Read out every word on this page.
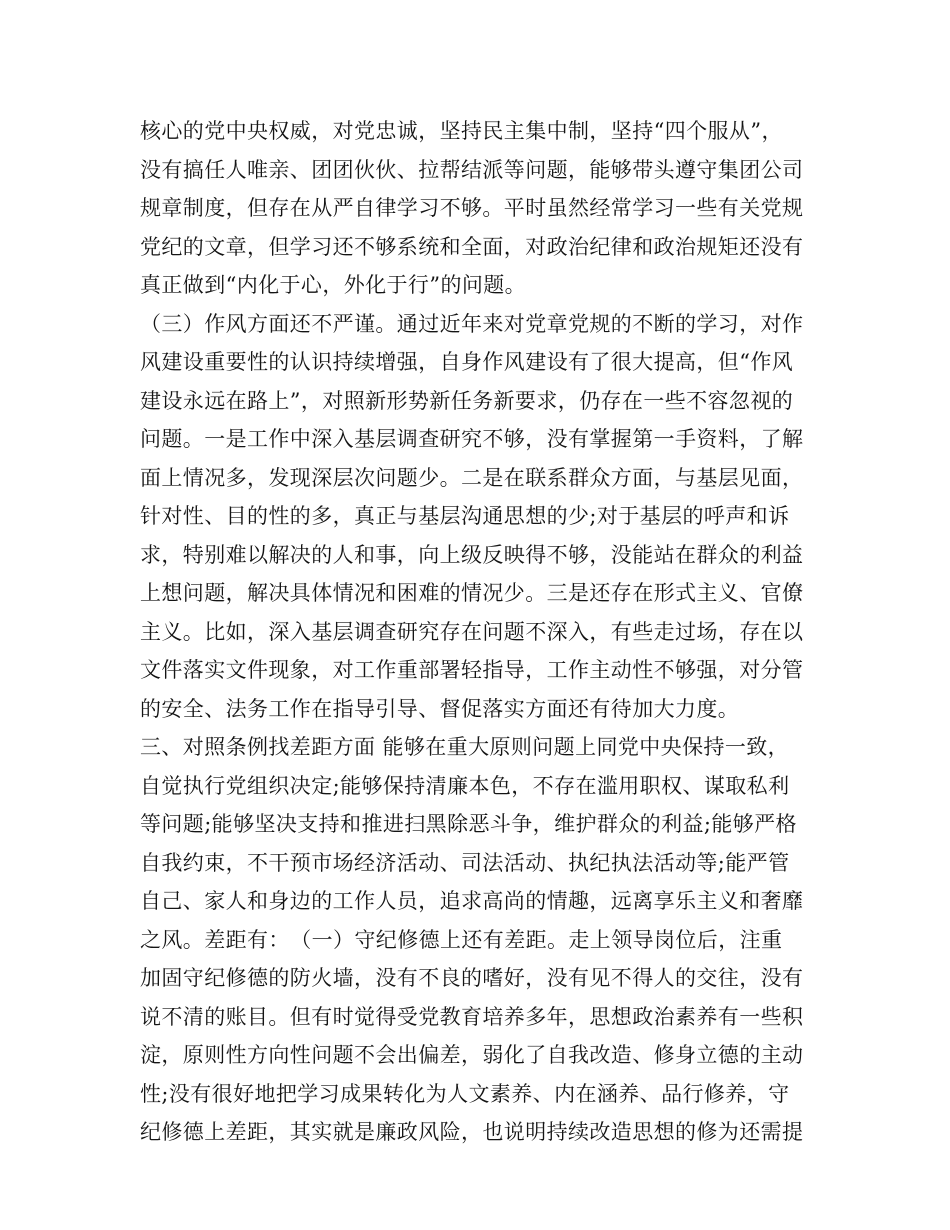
核心的党中央权威，对党忠诚，坚持民主集中制，坚持“四个服从”，
没有搞任人唯亲、团团伙伙、拉帮结派等问题，能够带头遵守集团公司
规章制度，但存在从严自律学习不够。平时虽然经常学习一些有关党规
党纪的文章，但学习还不够系统和全面，对政治纪律和政治规矩还没有
真正做到“内化于心，外化于行”的问题。
（三）作风方面还不严谨。通过近年来对党章党规的不断的学习，对作
风建设重要性的认识持续增强，自身作风建设有了很大提高，但“作风
建设永远在路上”，对照新形势新任务新要求，仍存在一些不容忽视的
问题。一是工作中深入基层调查研究不够，没有掌握第一手资料，了解
面上情况多，发现深层次问题少。二是在联系群众方面，与基层见面，
针对性、目的性的多，真正与基层沟通思想的少;对于基层的呼声和诉
求，特别难以解决的人和事，向上级反映得不够，没能站在群众的利益
上想问题，解决具体情况和困难的情况少。三是还存在形式主义、官僚
主义。比如，深入基层调查研究存在问题不深入，有些走过场，存在以
文件落实文件现象，对工作重部署轻指导，工作主动性不够强，对分管
的安全、法务工作在指导引导、督促落实方面还有待加大力度。
三、对照条例找差距方面 能够在重大原则问题上同党中央保持一致，
自觉执行党组织决定;能够保持清廉本色，不存在滥用职权、谋取私利
等问题;能够坚决支持和推进扫黑除恶斗争，维护群众的利益;能够严格
自我约束，不干预市场经济活动、司法活动、执纪执法活动等;能严管
自己、家人和身边的工作人员，追求高尚的情趣，远离享乐主义和奢靡
之风。差距有：　（一）守纪修德上还有差距。走上领导岗位后，注重
加固守纪修德的防火墙，没有不良的嗜好，没有见不得人的交往，没有
说不清的账目。但有时觉得受党教育培养多年，思想政治素养有一些积
淀，原则性方向性问题不会出偏差，弱化了自我改造、修身立德的主动
性;没有很好地把学习成果转化为人文素养、内在涵养、品行修养，守
纪修德上差距，其实就是廉政风险，也说明持续改造思想的修为还需提
